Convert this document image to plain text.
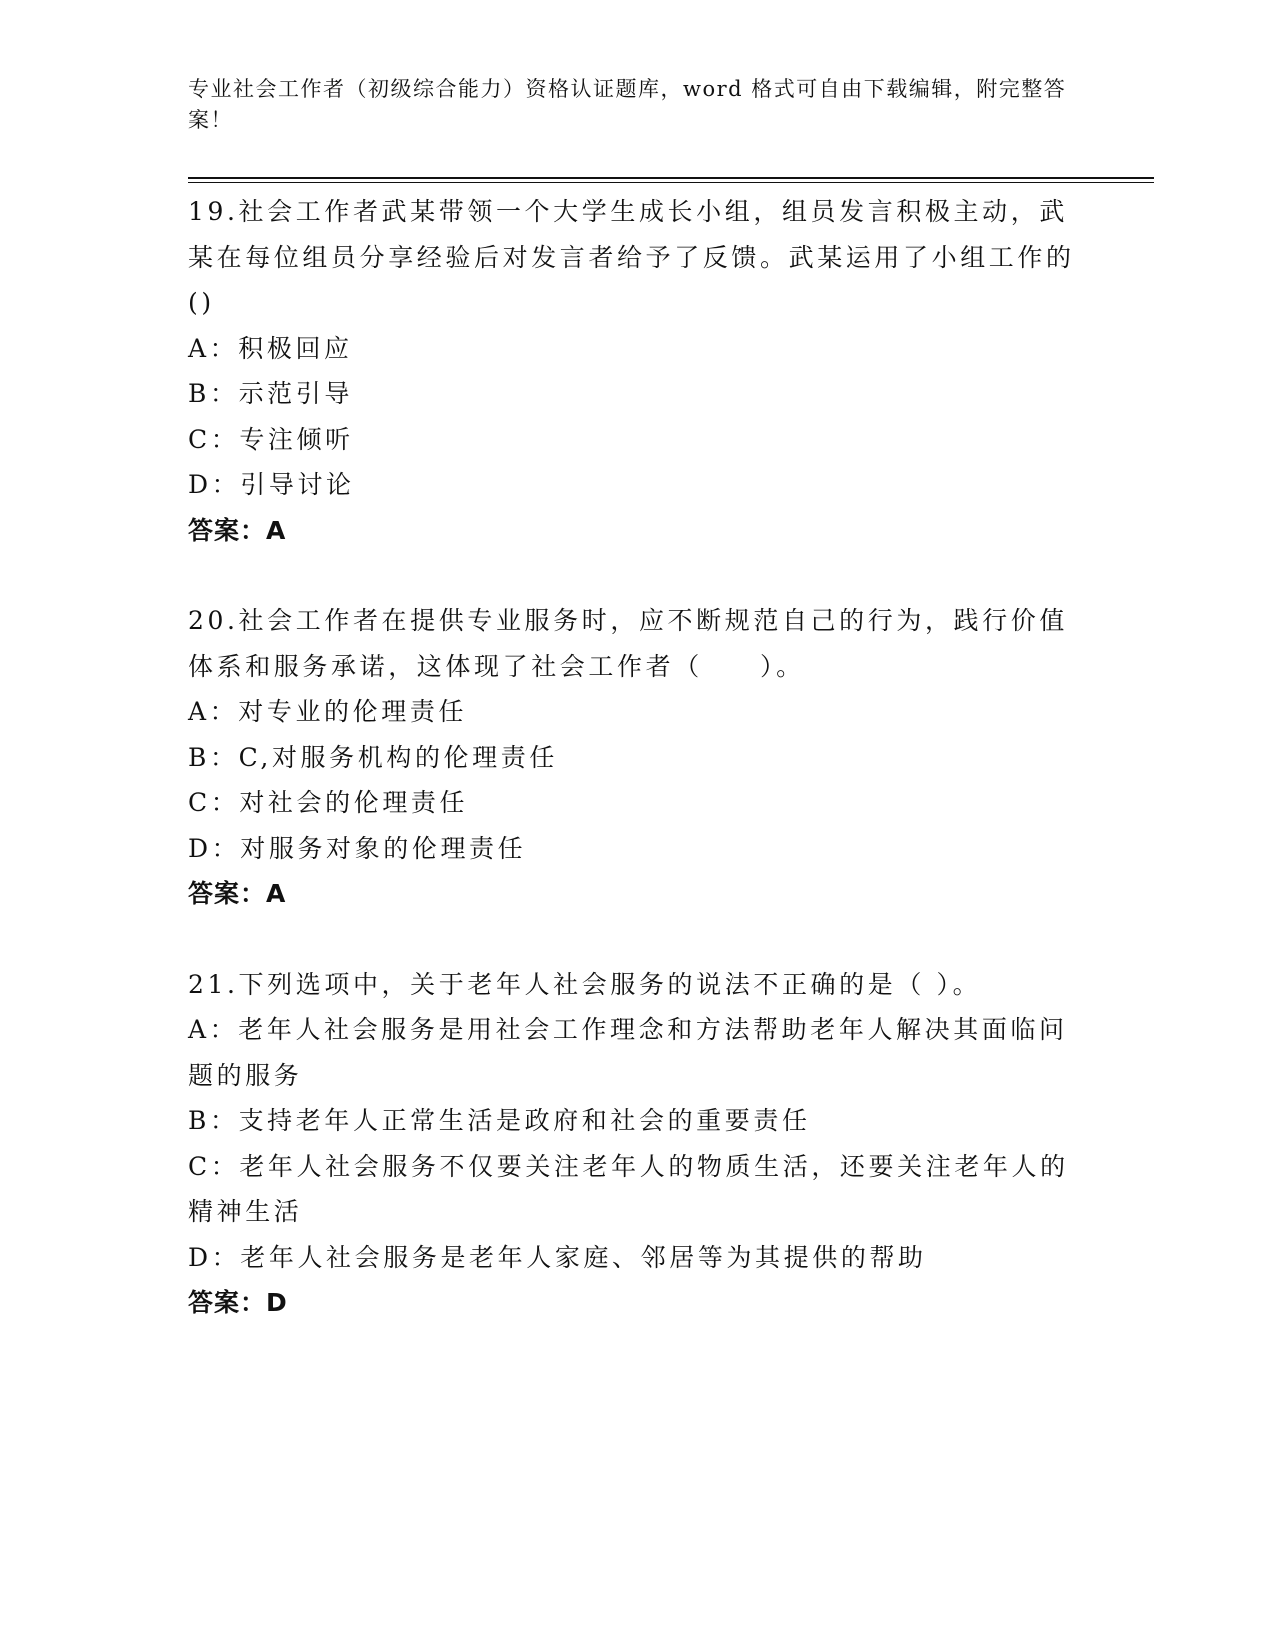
专业社会工作者（初级综合能力）资格认证题库，word 格式可自由下载编辑，附完整答案！

19.社会工作者武某带领一个大学生成长小组，组员发言积极主动，武某在每位组员分享经验后对发言者给予了反馈。武某运用了小组工作的()

A：积极回应

B：示范引导

C：专注倾听

D：引导讨论

答案：A

20.社会工作者在提供专业服务时，应不断规范自己的行为，践行价值体系和服务承诺，这体现了社会工作者（　　）。

A：对专业的伦理责任

B：C,对服务机构的伦理责任

C：对社会的伦理责任

D：对服务对象的伦理责任

答案：A

21.下列选项中，关于老年人社会服务的说法不正确的是（ ）。

A：老年人社会服务是用社会工作理念和方法帮助老年人解决其面临问题的服务

B：支持老年人正常生活是政府和社会的重要责任

C：老年人社会服务不仅要关注老年人的物质生活，还要关注老年人的精神生活

D：老年人社会服务是老年人家庭、邻居等为其提供的帮助

答案：D
